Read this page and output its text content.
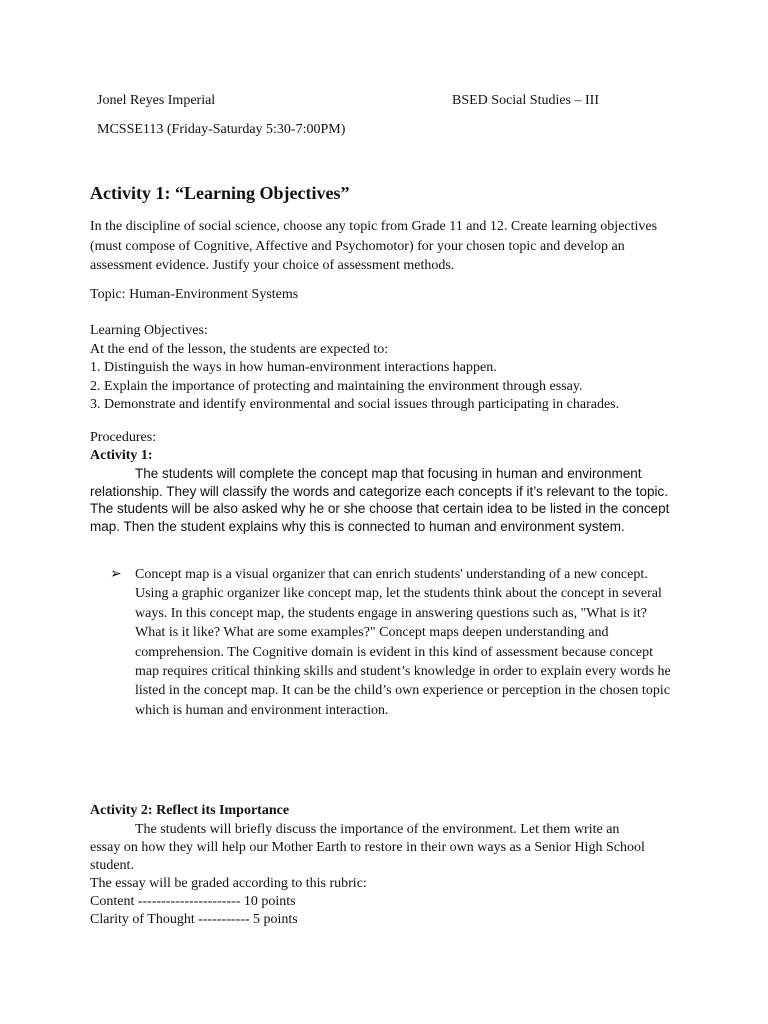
Jonel Reyes Imperial	BSED Social Studies – III
MCSSE113 (Friday-Saturday 5:30-7:00PM)
Activity 1: “Learning Objectives”
In the discipline of social science, choose any topic from Grade 11 and 12. Create learning objectives (must compose of Cognitive, Affective and Psychomotor) for your chosen topic and develop an assessment evidence. Justify your choice of assessment methods.
Topic: Human-Environment Systems
Learning Objectives:
At the end of the lesson, the students are expected to:
1. Distinguish the ways in how human-environment interactions happen.
2. Explain the importance of protecting and maintaining the environment through essay.
3. Demonstrate and identify environmental and social issues through participating in charades.
Procedures:
Activity 1:
The students will complete the concept map that focusing in human and environment relationship. They will classify the words and categorize each concepts if it’s relevant to the topic. The students will be also asked why he or she choose that certain idea to be listed in the concept map. Then the student explains why this is connected to human and environment system.
➢ Concept map is a visual organizer that can enrich students' understanding of a new concept. Using a graphic organizer like concept map, let the students think about the concept in several ways. In this concept map, the students engage in answering questions such as, "What is it? What is it like? What are some examples?" Concept maps deepen understanding and comprehension. The Cognitive domain is evident in this kind of assessment because concept map requires critical thinking skills and student’s knowledge in order to explain every words he listed in the concept map. It can be the child’s own experience or perception in the chosen topic which is human and environment interaction.
Activity 2: Reflect its Importance
The students will briefly discuss the importance of the environment. Let them write an essay on how they will help our Mother Earth to restore in their own ways as a Senior High School student.
The essay will be graded according to this rubric:
Content ---------------------- 10 points
Clarity of Thought ----------- 5 points
